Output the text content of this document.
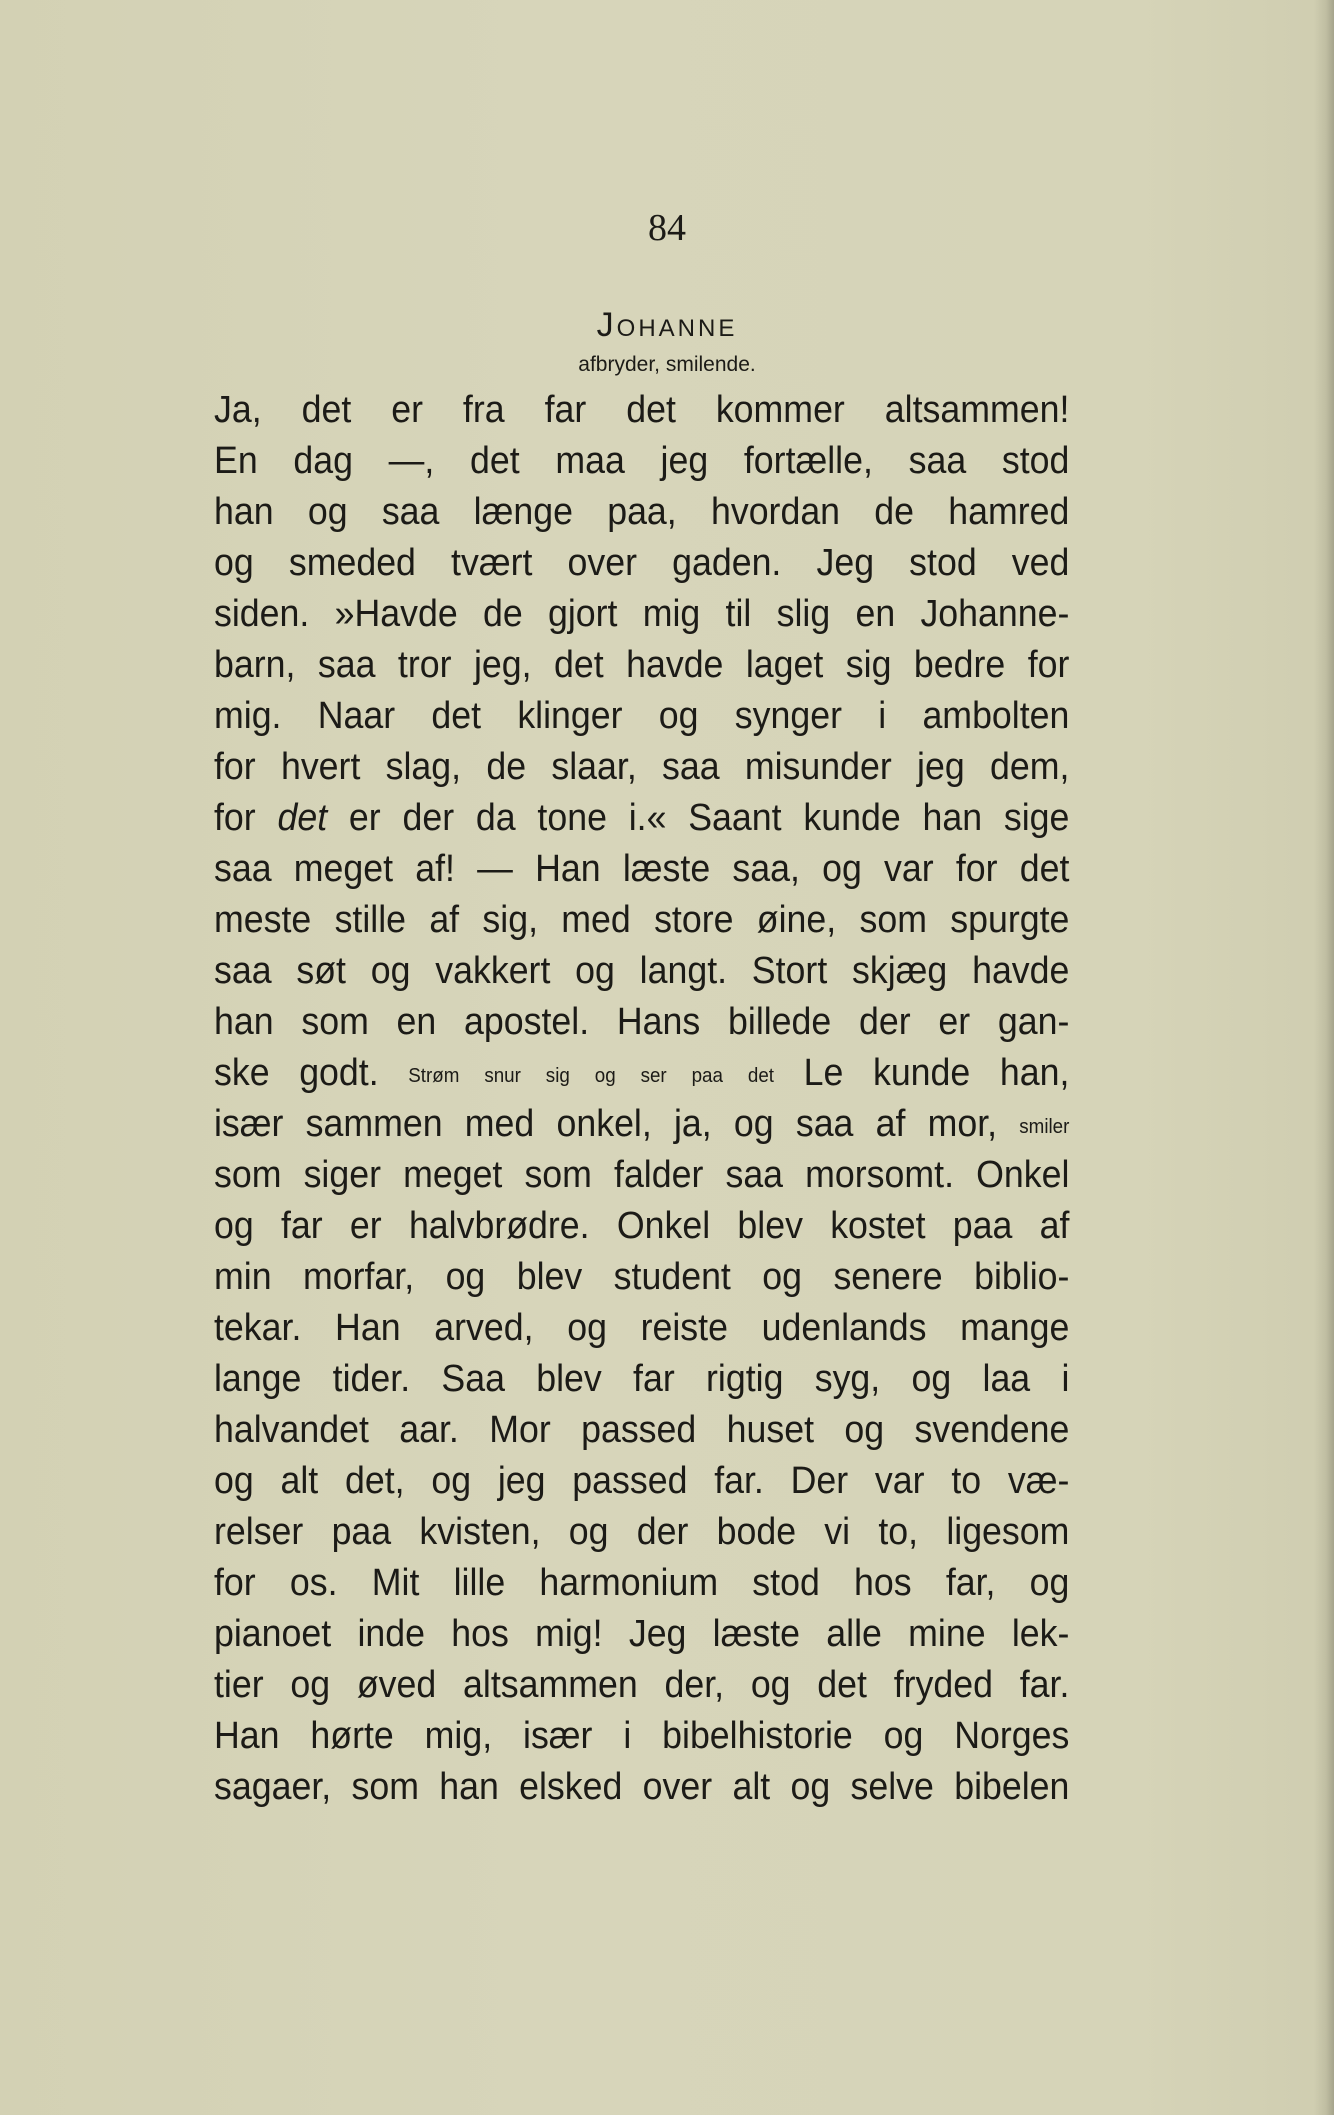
84
Johanne
afbryder, smilende.
Ja, det er fra far det kommer altsammen!
En dag —, det maa jeg fortælle, saa stod
han og saa længe paa, hvordan de hamred
og smeded tvært over gaden. Jeg stod ved
siden. »Havde de gjort mig til slig en Johanne-
barn, saa tror jeg, det havde laget sig bedre for
mig. Naar det klinger og synger i ambolten
for hvert slag, de slaar, saa misunder jeg dem,
for det er der da tone i.« Saant kunde han sige
saa meget af! — Han læste saa, og var for det
meste stille af sig, med store øine, som spurgte
saa søt og vakkert og langt. Stort skjæg havde
han som en apostel. Hans billede der er gan-
ske godt. Strøm snur sig og ser paa det Le kunde han,
især sammen med onkel, ja, og saa af mor, smiler
som siger meget som falder saa morsomt. Onkel
og far er halvbrødre. Onkel blev kostet paa af
min morfar, og blev student og senere biblio-
tekar. Han arved, og reiste udenlands mange
lange tider. Saa blev far rigtig syg, og laa i
halvandet aar. Mor passed huset og svendene
og alt det, og jeg passed far. Der var to væ-
relser paa kvisten, og der bode vi to, ligesom
for os. Mit lille harmonium stod hos far, og
pianoet inde hos mig! Jeg læste alle mine lek-
tier og øved altsammen der, og det fryded far.
Han hørte mig, især i bibelhistorie og Norges
sagaer, som han elsked over alt og selve bibelen
